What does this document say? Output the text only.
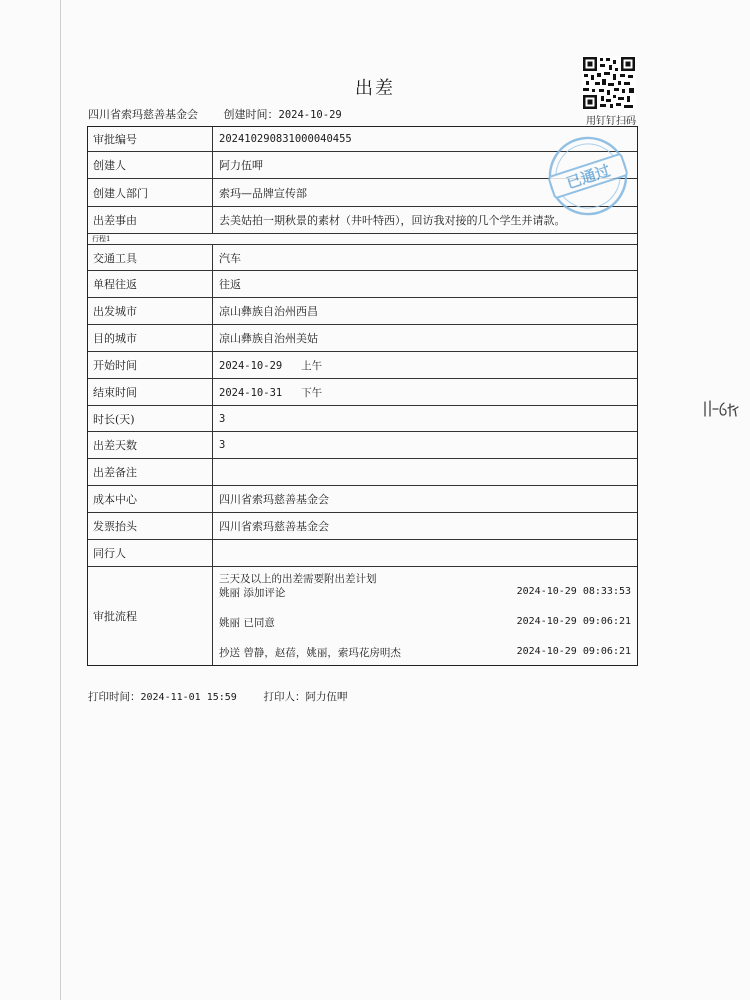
出差
四川省索玛慈善基金会 创建时间：2024-10-29
用钉钉扫码
审批编号	202410290831000040455
创建人	阿力伍呷
创建人部门	索玛—品牌宣传部
出差事由	去美姑拍一期秋景的素材（井叶特西），回访我对接的几个学生并请款。
行程1
交通工具	汽车
单程往返	往返
出发城市	凉山彝族自治州西昌
目的城市	凉山彝族自治州美姑
开始时间	2024-10-29   上午
结束时间	2024-10-31   下午
时长(天)	3
出差天数	3
出差备注
成本中心	四川省索玛慈善基金会
发票抬头	四川省索玛慈善基金会
同行人
审批流程
三天及以上的出差需要附出差计划
姚丽 添加评论	2024-10-29 08:33:53
姚丽 已同意	2024-10-29 09:06:21
抄送 曾静，赵蓓，姚丽，索玛花房明杰	2024-10-29 09:06:21
已通过
打印时间：2024-11-01 15:59	打印人：阿力伍呷
